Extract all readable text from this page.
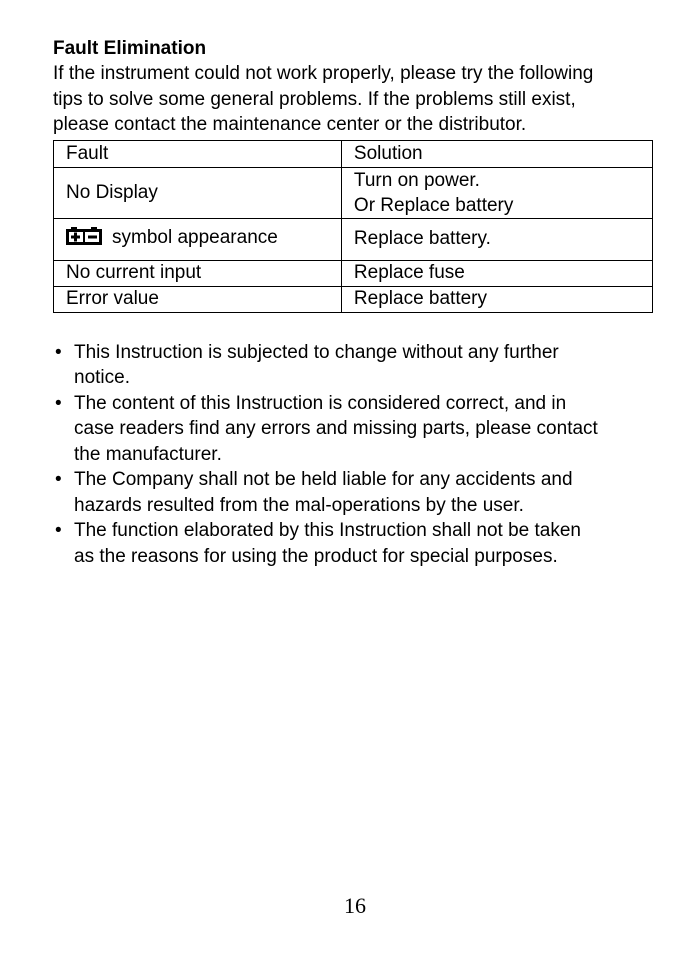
Fault Elimination

If the instrument could not work properly, please try the following
tips to solve some general problems. If the problems still exist,
please contact the maintenance center or the distributor.

Fault	Solution
No Display	Turn on power.
Or Replace battery

symbol appearance	Replace battery.
No current input	Replace fuse
Error value	Replace battery
• This Instruction is subjected to change without any further
notice.
• The content of this Instruction is considered correct, and in
case readers find any errors and missing parts, please contact
the manufacturer.
• The Company shall not be held liable for any accidents and
hazards resulted from the mal-operations by the user.
• The function elaborated by this Instruction shall not be taken
as the reasons for using the product for special purposes.
16
